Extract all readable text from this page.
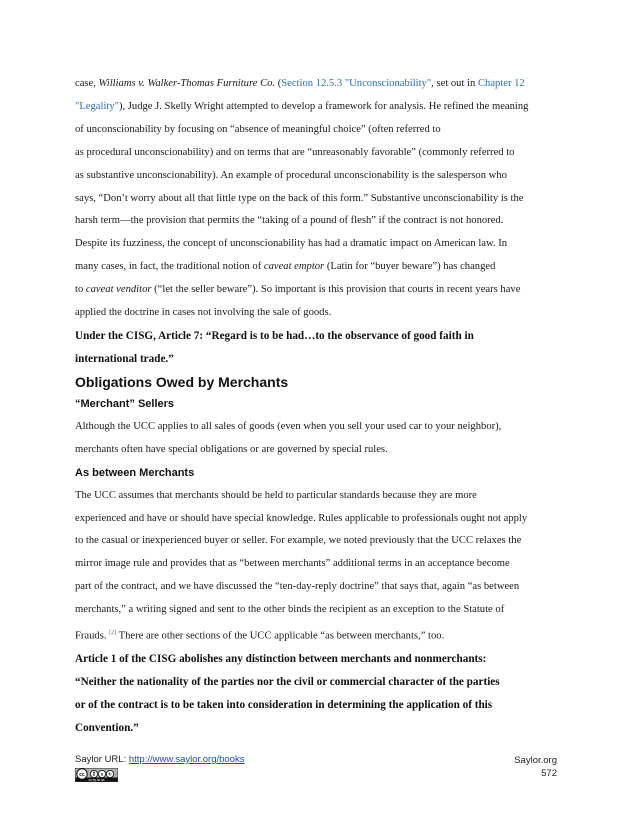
case, Williams v. Walker-Thomas Furniture Co. (Section 12.5.3 "Unconscionability", set out in Chapter 12

"Legality"), Judge J. Skelly Wright attempted to develop a framework for analysis. He refined the meaning

of unconscionability by focusing on “absence of meaningful choice” (often referred to

as procedural unconscionability) and on terms that are “unreasonably favorable” (commonly referred to

as substantive unconscionability). An example of procedural unconscionability is the salesperson who

says, “Don’t worry about all that little type on the back of this form.” Substantive unconscionability is the

harsh term—the provision that permits the “taking of a pound of flesh” if the contract is not honored.

Despite its fuzziness, the concept of unconscionability has had a dramatic impact on American law. In

many cases, in fact, the traditional notion of caveat emptor (Latin for “buyer beware”) has changed

to caveat venditor (“let the seller beware”). So important is this provision that courts in recent years have

applied the doctrine in cases not involving the sale of goods.

Under the CISG, Article 7: “Regard is to be had…to the observance of good faith in

international trade.”

Obligations Owed by Merchants
“Merchant” Sellers

Although the UCC applies to all sales of goods (even when you sell your used car to your neighbor),

merchants often have special obligations or are governed by special rules.

As between Merchants

The UCC assumes that merchants should be held to particular standards because they are more

experienced and have or should have special knowledge. Rules applicable to professionals ought not apply

to the casual or inexperienced buyer or seller. For example, we noted previously that the UCC relaxes the

mirror image rule and provides that as “between merchants” additional terms in an acceptance become

part of the contract, and we have discussed the “ten-day-reply doctrine” that says that, again “as between

merchants,” a writing signed and sent to the other binds the recipient as an exception to the Statute of

Frauds. [2] There are other sections of the UCC applicable “as between merchants,” too.

Article 1 of the CISG abolishes any distinction between merchants and nonmerchants:

“Neither the nationality of the parties nor the civil or commercial character of the parties

or of the contract is to be taken into consideration in determining the application of this

Convention.”

Saylor URL: http://www.saylor.org/books	Saylor.org
572
cc	$ ↻
cc by nc sa
